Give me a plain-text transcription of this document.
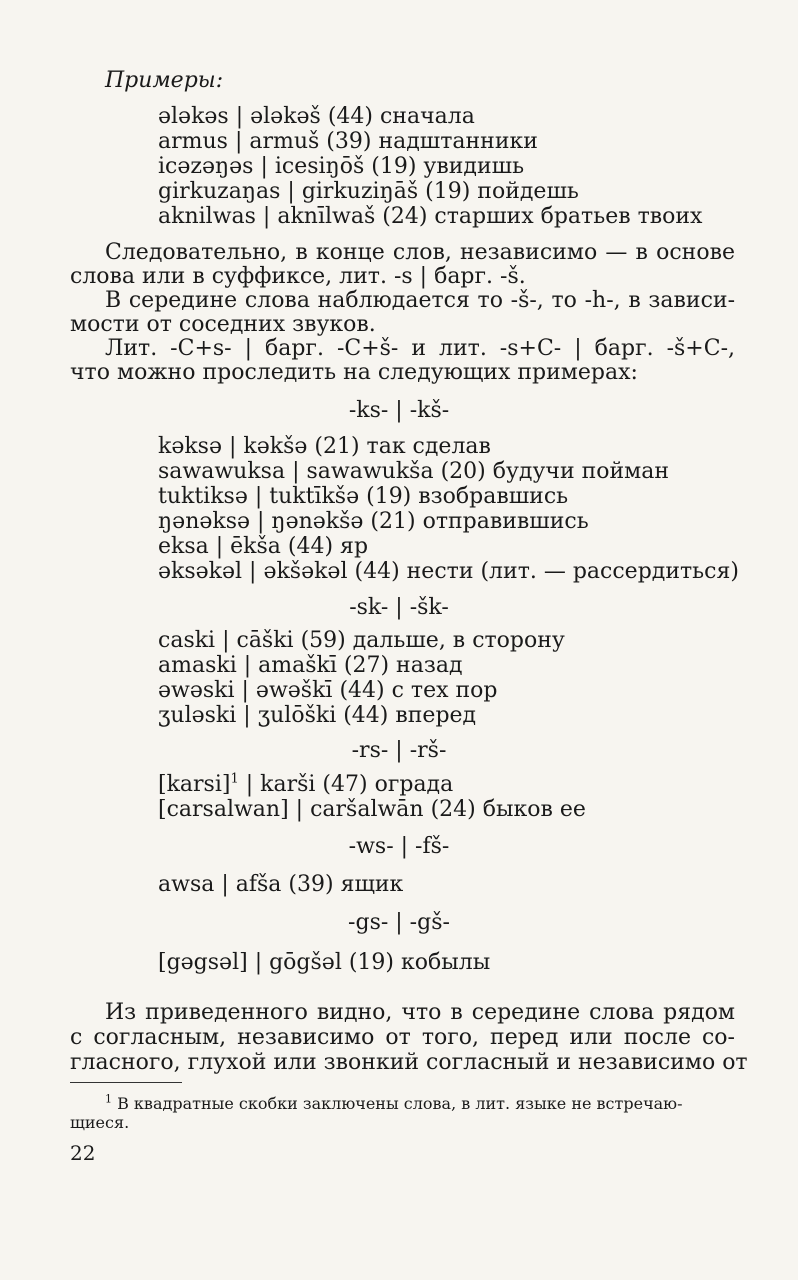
Примеры:
ələkəs | ələkəš (44) сначала
armus | armuš (39) надштанники
icəzəŋəs | icesiŋōš (19) увидишь
girkuzaŋas | girkuziŋāš (19) пойдешь
aknilwas | aknīlwaš (24) старших братьев твоих
Следовательно, в конце слов, независимо — в основе
слова или в суффиксе, лит. -s | барг. -š.
В середине слова наблюдается то -š-, то -h-, в зависи-
мости от соседних звуков.
Лит. -C+s- | барг. -C+š- и лит. -s+C- | барг. -š+C-,
что можно проследить на следующих примерах:
-ks- | -kš-
kəksə | kəkšə (21) так сделав
sawawuksa | sawawukša (20) будучи пойман
tuktiksə | tuktīkšə (19) взобравшись
ŋənəksə | ŋənəkšə (21) отправившись
eksa | ēkša (44) яр
əksəkəl | əkšəkəl (44) нести (лит. — рассердиться)
-sk- | -šk-
caski | cāški (59) дальше, в сторону
amaski | amaškī (27) назад
əwəski | əwəškī (44) с тех пор
ʒuləski | ʒulōški (44) вперед
-rs- | -rš-
[karsi]$^1$ | karši (47) ограда
[carsalwan] | caršalwān (24) быков ее
-ws- | -fš-
awsa | afša (39) ящик
-gs- | -gš-
[gəgsəl] | gōgšəl (19) кобылы
Из приведенного видно, что в середине слова рядом
с согласным, независимо от того, перед или после со-
гласного, глухой или звонкий согласный и независимо от
$^1$ В квадратные скобки заключены слова, в лит. языке не встречаю-
щиеся.
22
